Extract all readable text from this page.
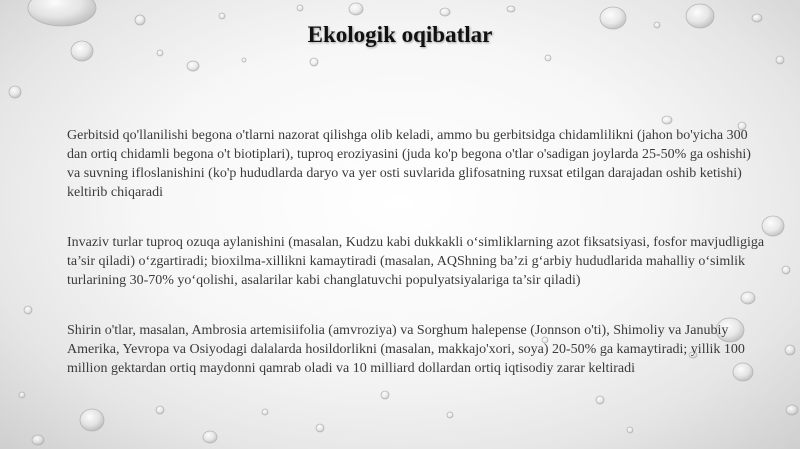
Ekologik oqibatlar

Gerbitsid qo'llanilishi begona o'tlarni nazorat qilishga olib keladi, ammo bu gerbitsidga chidamlilikni (jahon bo'yicha 300 dan ortiq chidamli begona o't biotiplari), tuproq eroziyasini (juda ko'p begona o'tlar o'sadigan joylarda 25-50% ga oshishi) va suvning ifloslanishini (ko'p hududlarda daryo va yer osti suvlarida glifosatning ruxsat etilgan darajadan oshib ketishi) keltirib chiqaradi

Invaziv turlar tuproq ozuqa aylanishini (masalan, Kudzu kabi dukkakli o‘simliklarning azot fiksatsiyasi, fosfor mavjudligiga ta’sir qiladi) o‘zgartiradi; bioxilma-xillikni kamaytiradi (masalan, AQShning ba’zi g‘arbiy hududlarida mahalliy o‘simlik turlarining 30-70% yo‘qolishi, asalarilar kabi changlatuvchi populyatsiyalariga ta’sir qiladi)

Shirin o'tlar, masalan, Ambrosia artemisiifolia (amvroziya) va Sorghum halepense (Jonnson o'ti), Shimoliy va Janubiy Amerika, Yevropa va Osiyodagi dalalarda hosildorlikni (masalan, makkajo'xori, soya) 20-50% ga kamaytiradi; yillik 100 million gektardan ortiq maydonni qamrab oladi va 10 milliard dollardan ortiq iqtisodiy zarar keltiradi
